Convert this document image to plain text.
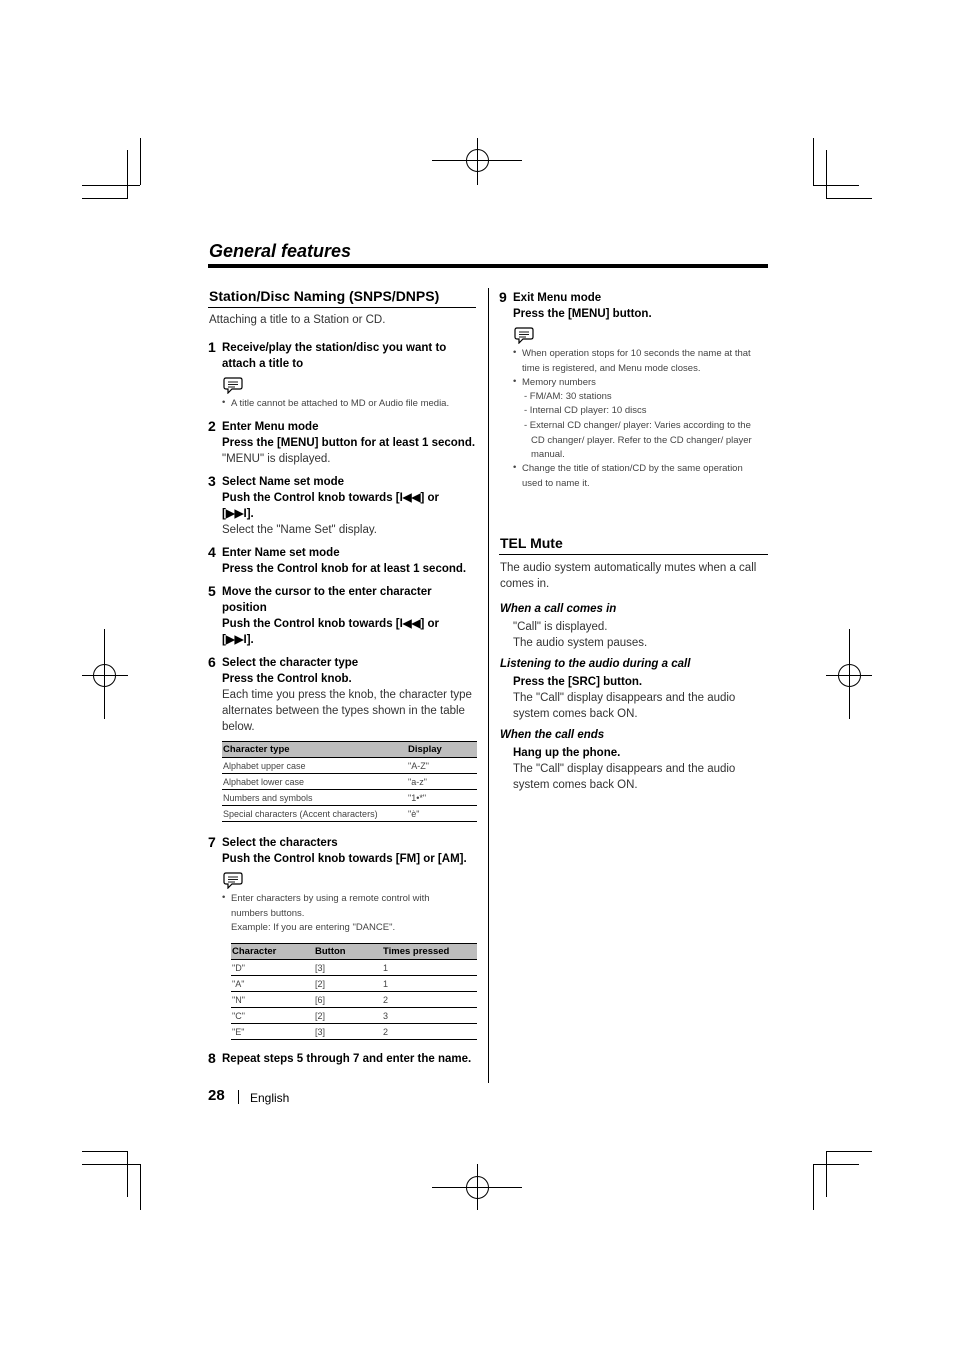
General features
Station/Disc Naming (SNPS/DNPS)
Attaching a title to a Station or CD.
1 Receive/play the station/disc you want to attach a title to
• A title cannot be attached to MD or Audio file media.
2 Enter Menu mode
Press the [MENU] button for at least 1 second.
"MENU" is displayed.
3 Select Name set mode
Push the Control knob towards [I◀◀] or [▶▶I].
Select the "Name Set" display.
4 Enter Name set mode
Press the Control knob for at least 1 second.
5 Move the cursor to the enter character position
Push the Control knob towards [I◀◀] or [▶▶I].
6 Select the character type
Press the Control knob.
Each time you press the knob, the character type alternates between the types shown in the table below.
Character type	Display
Alphabet upper case	"A-Z"
Alphabet lower case	"a-z"
Numbers and symbols	"1•*"
Special characters (Accent characters)	"è"
7 Select the characters
Push the Control knob towards [FM] or [AM].
• Enter characters by using a remote control with numbers buttons.
Example: If you are entering "DANCE".
Character	Button	Times pressed
"D"	[3]	1
"A"	[2]	1
"N"	[6]	2
"C"	[2]	3
"E"	[3]	2
8 Repeat steps 5 through 7 and enter the name.
9 Exit Menu mode
Press the [MENU] button.
• When operation stops for 10 seconds the name at that time is registered, and Menu mode closes.
• Memory numbers
- FM/AM: 30 stations
- Internal CD player: 10 discs
- External CD changer/ player: Varies according to the CD changer/ player. Refer to the CD changer/ player manual.
• Change the title of station/CD by the same operation used to name it.
TEL Mute
The audio system automatically mutes when a call comes in.
When a call comes in
"Call" is displayed.
The audio system pauses.
Listening to the audio during a call
Press the [SRC] button.
The "Call" display disappears and the audio system comes back ON.
When the call ends
Hang up the phone.
The "Call" display disappears and the audio system comes back ON.
28 English
